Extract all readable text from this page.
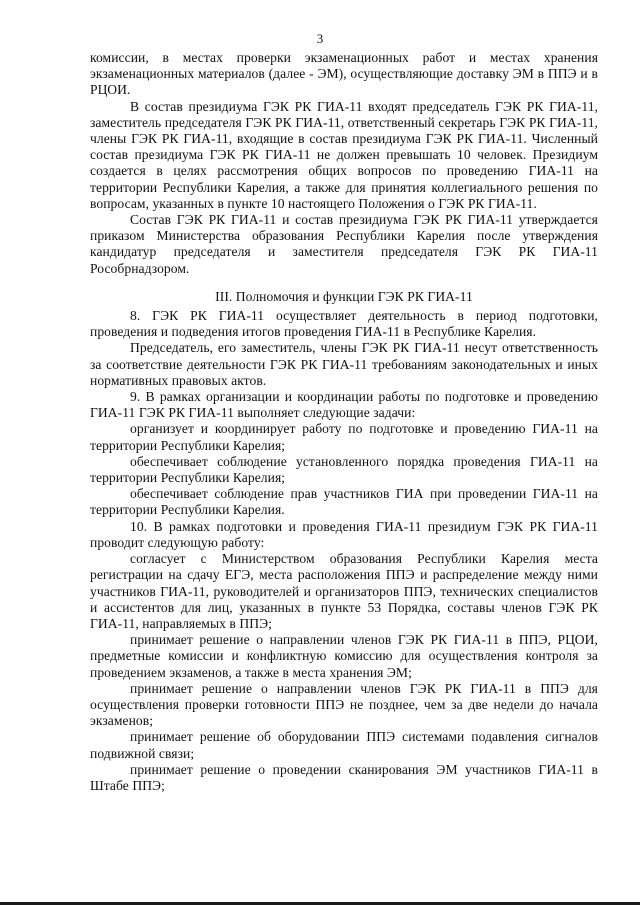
3

комиссии, в местах проверки экзаменационных работ и местах хранения экзаменационных материалов (далее - ЭМ), осуществляющие доставку ЭМ в ППЭ и в РЦОИ.

В состав президиума ГЭК РК ГИА-11 входят председатель ГЭК РК ГИА-11, заместитель председателя ГЭК РК ГИА-11, ответственный секретарь ГЭК РК ГИА-11, члены ГЭК РК ГИА-11, входящие в состав президиума ГЭК РК ГИА-11. Численный состав президиума ГЭК РК ГИА-11 не должен превышать 10 человек. Президиум создается в целях рассмотрения общих вопросов по проведению ГИА-11 на территории Республики Карелия, а также для принятия коллегиального решения по вопросам, указанных в пункте 10 настоящего Положения о ГЭК РК ГИА-11.

Состав ГЭК РК ГИА-11 и состав президиума ГЭК РК ГИА-11 утверждается приказом Министерства образования Республики Карелия после утверждения кандидатур председателя и заместителя председателя ГЭК РК ГИА-11 Рособрнадзором.

III. Полномочия и функции ГЭК РК ГИА-11

8. ГЭК РК ГИА-11 осуществляет деятельность в период подготовки, проведения и подведения итогов проведения ГИА-11 в Республике Карелия.

Председатель, его заместитель, члены ГЭК РК ГИА-11 несут ответственность за соответствие деятельности ГЭК РК ГИА-11 требованиям законодательных и иных нормативных правовых актов.

9. В рамках организации и координации работы по подготовке и проведению ГИА-11 ГЭК РК ГИА-11 выполняет следующие задачи:

организует и координирует работу по подготовке и проведению ГИА-11 на территории Республики Карелия;

обеспечивает соблюдение установленного порядка проведения ГИА-11 на территории Республики Карелия;

обеспечивает соблюдение прав участников ГИА при проведении ГИА-11 на территории Республики Карелия.

10. В рамках подготовки и проведения ГИА-11 президиум ГЭК РК ГИА-11 проводит следующую работу:

согласует с Министерством образования Республики Карелия места регистрации на сдачу ЕГЭ, места расположения ППЭ и распределение между ними участников ГИА-11, руководителей и организаторов ППЭ, технических специалистов и ассистентов для лиц, указанных в пункте 53 Порядка, составы членов ГЭК РК ГИА-11, направляемых в ППЭ;

принимает решение о направлении членов ГЭК РК ГИА-11 в ППЭ, РЦОИ, предметные комиссии и конфликтную комиссию для осуществления контроля за проведением экзаменов, а также в места хранения ЭМ;

принимает решение о направлении членов ГЭК РК ГИА-11 в ППЭ для осуществления проверки готовности ППЭ не позднее, чем за две недели до начала экзаменов;

принимает решение об оборудовании ППЭ системами подавления сигналов подвижной связи;

принимает решение о проведении сканирования ЭМ участников ГИА-11 в Штабе ППЭ;
